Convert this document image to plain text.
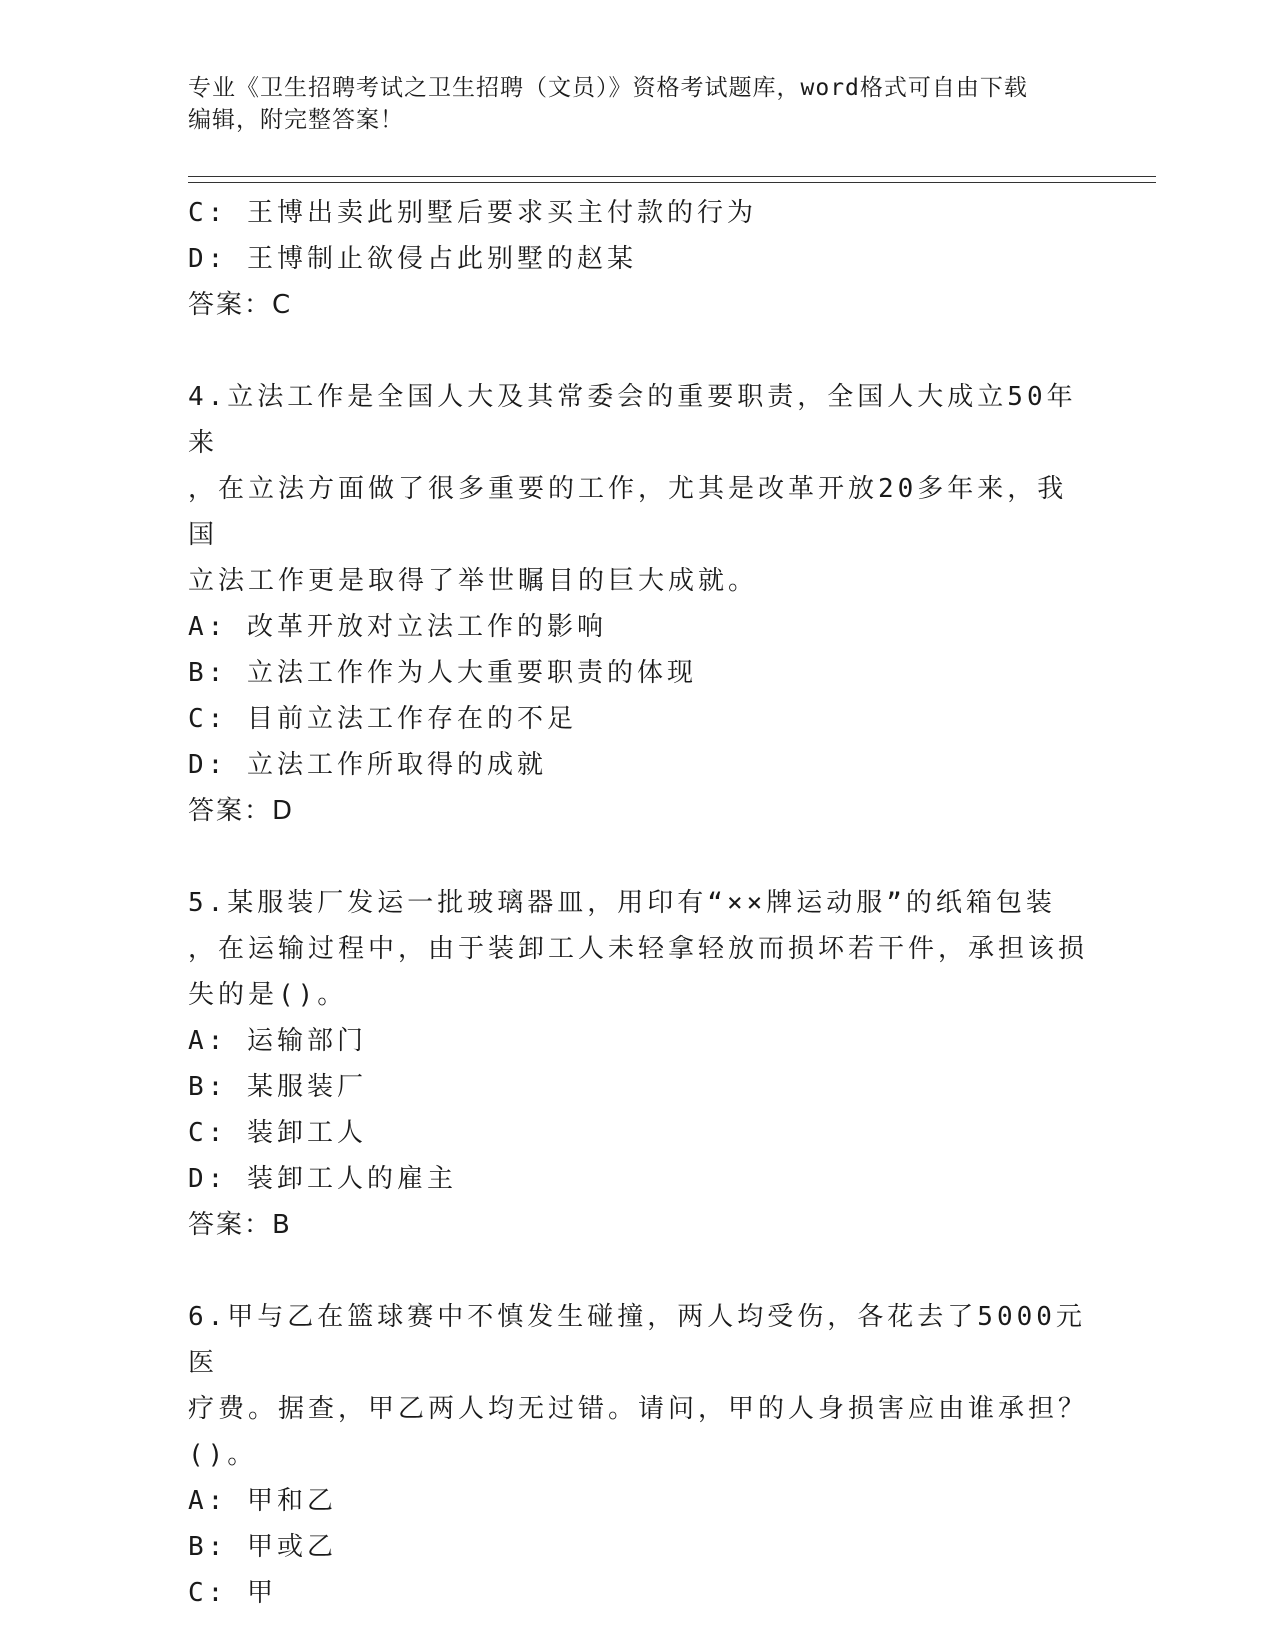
专业《卫生招聘考试之卫生招聘（文员）》资格考试题库，word格式可自由下载
编辑，附完整答案！
C: 王博出卖此别墅后要求买主付款的行为
D: 王博制止欲侵占此别墅的赵某
答案：C
4.立法工作是全国人大及其常委会的重要职责，全国人大成立50年来
，在立法方面做了很多重要的工作，尤其是改革开放20多年来，我国
立法工作更是取得了举世瞩目的巨大成就。
A: 改革开放对立法工作的影响
B: 立法工作作为人大重要职责的体现
C: 目前立法工作存在的不足
D: 立法工作所取得的成就
答案：D
5.某服装厂发运一批玻璃器皿，用印有“××牌运动服”的纸箱包装
，在运输过程中，由于装卸工人未轻拿轻放而损坏若干件，承担该损
失的是()。
A: 运输部门
B: 某服装厂
C: 装卸工人
D: 装卸工人的雇主
答案：B
6.甲与乙在篮球赛中不慎发生碰撞，两人均受伤，各花去了5000元医
疗费。据查，甲乙两人均无过错。请问，甲的人身损害应由谁承担？
()。
A: 甲和乙
B: 甲或乙
C: 甲
